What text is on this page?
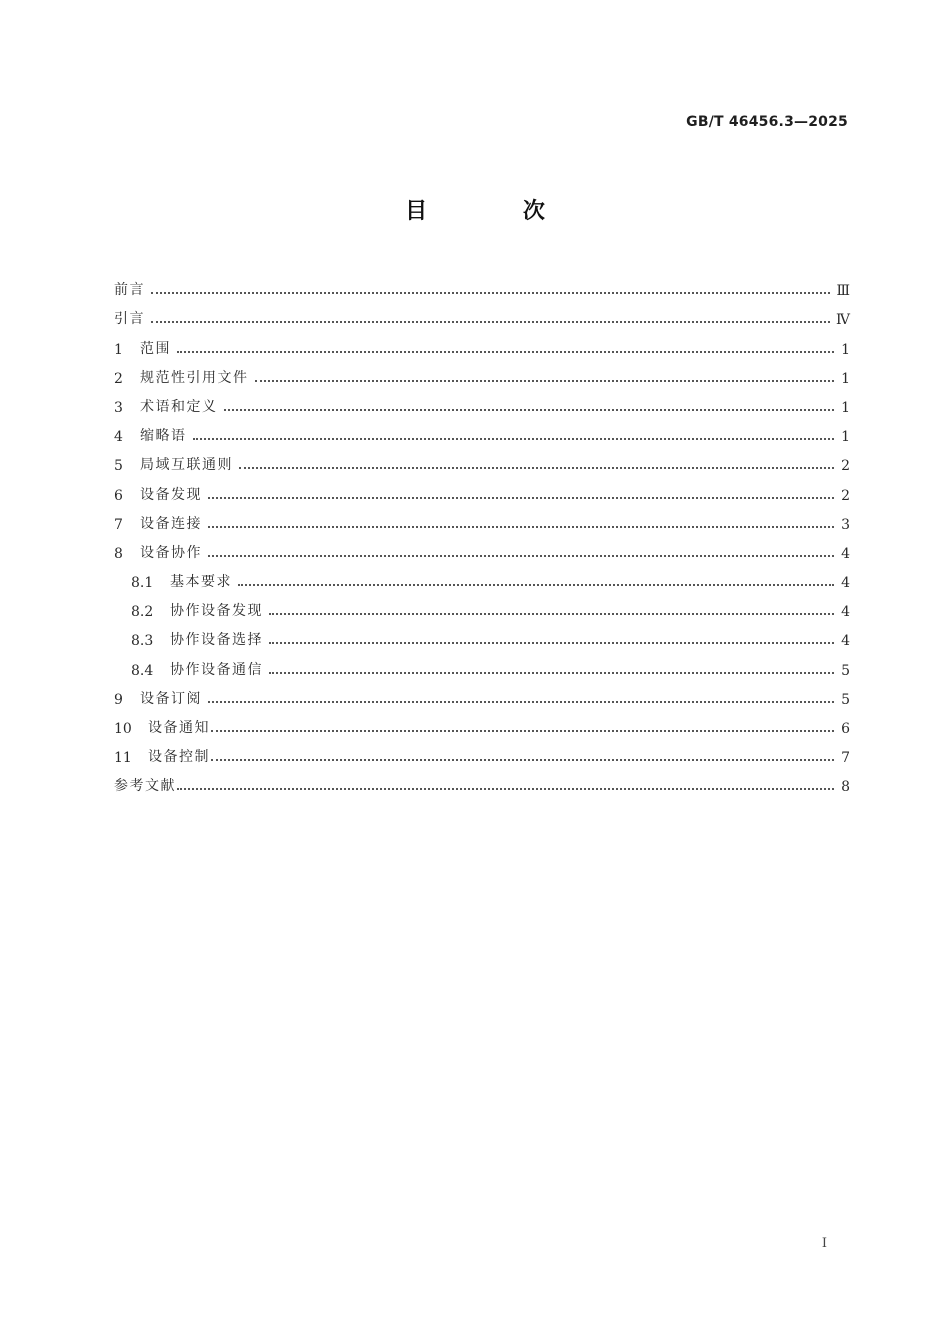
GB/T 46456.3—2025
目 次
前言	Ⅲ
引言	Ⅳ
1	范围	1
2	规范性引用文件	1
3	术语和定义	1
4	缩略语	1
5	局域互联通则	2
6	设备发现	2
7	设备连接	3
8	设备协作	4
8.1	基本要求	4
8.2	协作设备发现	4
8.3	协作设备选择	4
8.4	协作设备通信	5
9	设备订阅	5
10	设备通知	6
11	设备控制	7
参考文献	8
Ⅰ
